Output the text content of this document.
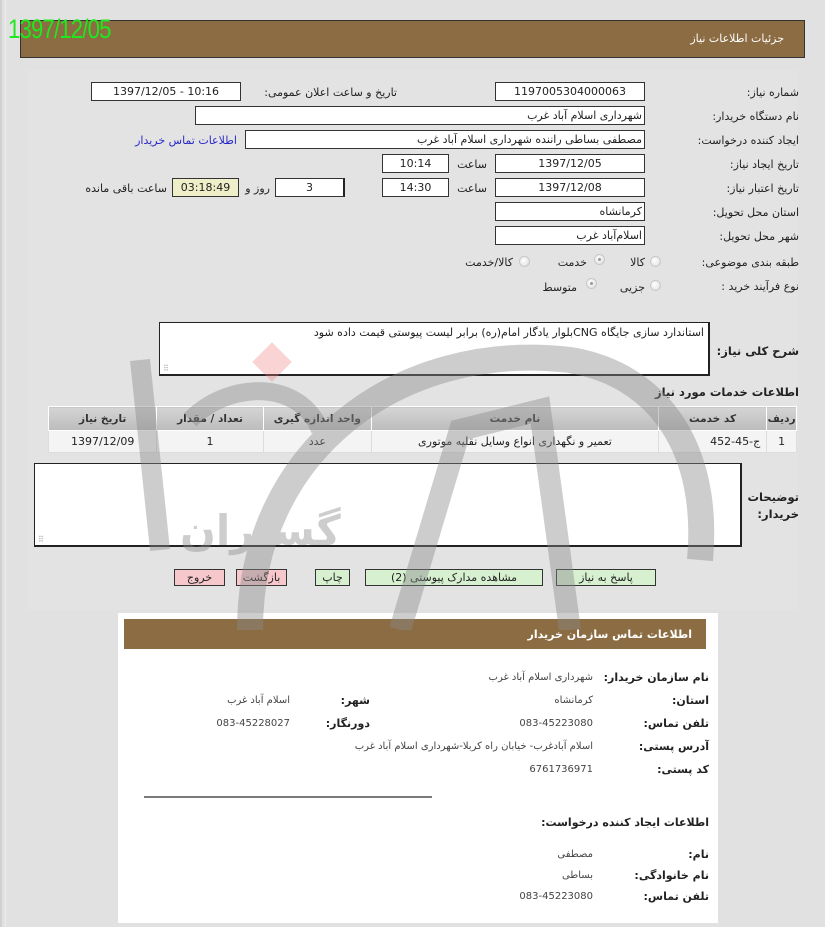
1397/12/05	جزئيات اطلاعات نياز
شماره نیاز:
1197005304000063
تاریخ و ساعت اعلان عمومی:
1397/12/05 - 10:16
نام دستگاه خریدار:
شهرداری اسلام آباد غرب
ایجاد کننده درخواست:
مصطفی بساطی راننده شهرداری اسلام آباد غرب
اطلاعات تماس خریدار
تاریخ ایجاد نیاز:
1397/12/05
ساعت
10:14
تاریخ اعتبار نیاز:
1397/12/08
ساعت
14:30
3
روز و
03:18:49
ساعت باقی مانده
استان محل تحویل:
کرمانشاه
شهر محل تحویل:
اسلام‌آباد غرب
طبقه بندی موضوعی:
کالا
خدمت
کالا/خدمت
نوع فرآیند خرید :
جزیی
متوسط
شرح کلی نیاز:
استاندارد سازی جایگاه CNGبلوار یادگار امام(ره) برابر لیست پیوستی قیمت داده شود
⠿
اطلاعات خدمات مورد نیاز
ردیف	کد خدمت	نام خدمت	واحد اندازه گیری	تعداد / مقدار	تاریخ نیاز
1	ج-45-452	تعمیر و نگهداری انواع وسایل نقلیه موتوری	عدد	1	1397/12/09
توضیحات
خریدار:
⠿
پاسخ به نیاز
مشاهده مدارک پیوستی (2)
چاپ
بازگشت
خروج
اطلاعات تماس سازمان خریدار
نام سازمان خریدار:
شهرداری اسلام آباد غرب
استان:
کرمانشاه
شهر:
اسلام آباد غرب
تلفن تماس:
083-45223080
دورنگار:
083-45228027
آدرس پستی:
اسلام آبادغرب- خیابان راه کربلا-شهرداری اسلام آباد غرب
کد پستی:
6761736971
اطلاعات ایجاد کننده درخواست:
نام:
مصطفی
نام خانوادگی:
بساطی
تلفن تماس:
083-45223080
گستران
